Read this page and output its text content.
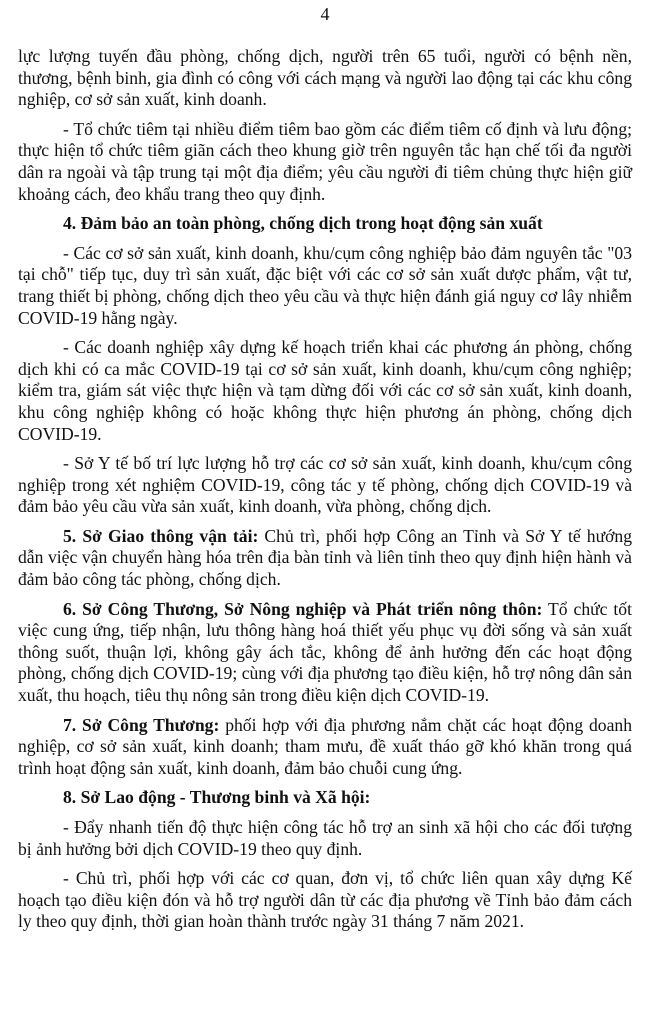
4

lực lượng tuyến đầu phòng, chống dịch, người trên 65 tuổi, người có bệnh nền, thương, bệnh binh, gia đình có công với cách mạng và người lao động tại các khu công nghiệp, cơ sở sản xuất, kinh doanh.

- Tổ chức tiêm tại nhiều điểm tiêm bao gồm các điểm tiêm cố định và lưu động; thực hiện tổ chức tiêm giãn cách theo khung giờ trên nguyên tắc hạn chế tối đa người dân ra ngoài và tập trung tại một địa điểm; yêu cầu người đi tiêm chủng thực hiện giữ khoảng cách, đeo khẩu trang theo quy định.

4. Đảm bảo an toàn phòng, chống dịch trong hoạt động sản xuất

- Các cơ sở sản xuất, kinh doanh, khu/cụm công nghiệp bảo đảm nguyên tắc "03 tại chỗ" tiếp tục, duy trì sản xuất, đặc biệt với các cơ sở sản xuất dược phẩm, vật tư, trang thiết bị phòng, chống dịch theo yêu cầu và thực hiện đánh giá nguy cơ lây nhiễm COVID-19 hằng ngày.

- Các doanh nghiệp xây dựng kế hoạch triển khai các phương án phòng, chống dịch khi có ca mắc COVID-19 tại cơ sở sản xuất, kinh doanh, khu/cụm công nghiệp; kiểm tra, giám sát việc thực hiện và tạm dừng đối với các cơ sở sản xuất, kinh doanh, khu công nghiệp không có hoặc không thực hiện phương án phòng, chống dịch COVID-19.

- Sở Y tế bố trí lực lượng hỗ trợ các cơ sở sản xuất, kinh doanh, khu/cụm công nghiệp trong xét nghiệm COVID-19, công tác y tế phòng, chống dịch COVID-19 và đảm bảo yêu cầu vừa sản xuất, kinh doanh, vừa phòng, chống dịch.

5. Sở Giao thông vận tải: Chủ trì, phối hợp Công an Tỉnh và Sở Y tế hướng dẫn việc vận chuyển hàng hóa trên địa bàn tỉnh và liên tỉnh theo quy định hiện hành và đảm bảo công tác phòng, chống dịch.

6. Sở Công Thương, Sở Nông nghiệp và Phát triển nông thôn: Tổ chức tốt việc cung ứng, tiếp nhận, lưu thông hàng hoá thiết yếu phục vụ đời sống và sản xuất thông suốt, thuận lợi, không gây ách tắc, không để ảnh hưởng đến các hoạt động phòng, chống dịch COVID-19; cùng với địa phương tạo điều kiện, hỗ trợ nông dân sản xuất, thu hoạch, tiêu thụ nông sản trong điều kiện dịch COVID-19.

7. Sở Công Thương: phối hợp với địa phương nắm chặt các hoạt động doanh nghiệp, cơ sở sản xuất, kinh doanh; tham mưu, đề xuất tháo gỡ khó khăn trong quá trình hoạt động sản xuất, kinh doanh, đảm bảo chuỗi cung ứng.

8. Sở Lao động - Thương binh và Xã hội:

- Đẩy nhanh tiến độ thực hiện công tác hỗ trợ an sinh xã hội cho các đối tượng bị ảnh hưởng bởi dịch COVID-19 theo quy định.

- Chủ trì, phối hợp với các cơ quan, đơn vị, tổ chức liên quan xây dựng Kế hoạch tạo điều kiện đón và hỗ trợ người dân từ các địa phương về Tỉnh bảo đảm cách ly theo quy định, thời gian hoàn thành trước ngày 31 tháng 7 năm 2021.
